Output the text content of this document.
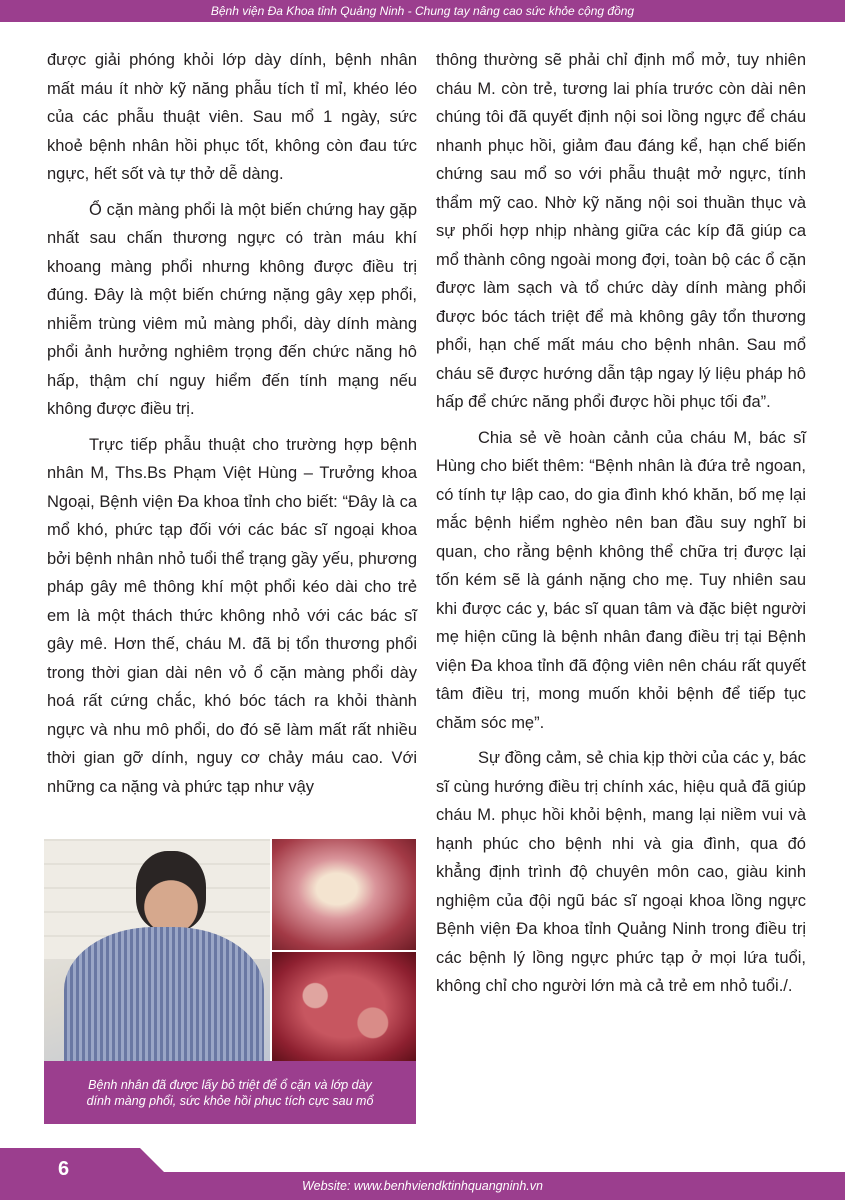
Bệnh viện Đa Khoa tỉnh Quảng Ninh - Chung tay nâng cao sức khỏe cộng đồng

được giải phóng khỏi lớp dày dính, bệnh nhân mất máu ít nhờ kỹ năng phẫu tích tỉ mỉ, khéo léo của các phẫu thuật viên. Sau mổ 1 ngày, sức khoẻ bệnh nhân hồi phục tốt, không còn đau tức ngực, hết sốt và tự thở dễ dàng.

Ổ cặn màng phổi là một biến chứng hay gặp nhất sau chấn thương ngực có tràn máu khí khoang màng phổi nhưng không được điều trị đúng. Đây là một biến chứng nặng gây xẹp phổi, nhiễm trùng viêm mủ màng phổi, dày dính màng phổi ảnh hưởng nghiêm trọng đến chức năng hô hấp, thậm chí nguy hiểm đến tính mạng nếu không được điều trị.

Trực tiếp phẫu thuật cho trường hợp bệnh nhân M, Ths.Bs Phạm Việt Hùng – Trưởng khoa Ngoại, Bệnh viện Đa khoa tỉnh cho biết: “Đây là ca mổ khó, phức tạp đối với các bác sĩ ngoại khoa bởi bệnh nhân nhỏ tuổi thể trạng gầy yếu, phương pháp gây mê thông khí một phổi kéo dài cho trẻ em là một thách thức không nhỏ với các bác sĩ gây mê. Hơn thế, cháu M. đã bị tổn thương phổi trong thời gian dài nên vỏ ổ cặn màng phổi dày hoá rất cứng chắc, khó bóc tách ra khỏi thành ngực và nhu mô phổi, do đó sẽ làm mất rất nhiều thời gian gỡ dính, nguy cơ chảy máu cao. Với những ca nặng và phức tạp như vậy

Bệnh nhân đã được lấy bỏ triệt để ổ cặn và lớp dày
dính màng phổi, sức khỏe hồi phục tích cực sau mổ

thông thường sẽ phải chỉ định mổ mở, tuy nhiên cháu M. còn trẻ, tương lai phía trước còn dài nên chúng tôi đã quyết định nội soi lồng ngực để cháu nhanh phục hồi, giảm đau đáng kể, hạn chế biến chứng sau mổ so với phẫu thuật mở ngực, tính thẩm mỹ cao. Nhờ kỹ năng nội soi thuần thục và sự phối hợp nhịp nhàng giữa các kíp đã giúp ca mổ thành công ngoài mong đợi, toàn bộ các ổ cặn được làm sạch và tổ chức dày dính màng phổi được bóc tách triệt để mà không gây tổn thương phổi, hạn chế mất máu cho bệnh nhân. Sau mổ cháu sẽ được hướng dẫn tập ngay lý liệu pháp hô hấp để chức năng phổi được hồi phục tối đa”.

Chia sẻ về hoàn cảnh của cháu M, bác sĩ Hùng cho biết thêm: “Bệnh nhân là đứa trẻ ngoan, có tính tự lập cao, do gia đình khó khăn, bố mẹ lại mắc bệnh hiểm nghèo nên ban đầu suy nghĩ bi quan, cho rằng bệnh không thể chữa trị được lại tốn kém sẽ là gánh nặng cho mẹ. Tuy nhiên sau khi được các y, bác sĩ quan tâm và đặc biệt người mẹ hiện cũng là bệnh nhân đang điều trị tại Bệnh viện Đa khoa tỉnh đã động viên nên cháu rất quyết tâm điều trị, mong muốn khỏi bệnh để tiếp tục chăm sóc mẹ”.

Sự đồng cảm, sẻ chia kịp thời của các y, bác sĩ cùng hướng điều trị chính xác, hiệu quả đã giúp cháu M. phục hồi khỏi bệnh, mang lại niềm vui và hạnh phúc cho bệnh nhi và gia đình, qua đó khẳng định trình độ chuyên môn cao, giàu kinh nghiệm của đội ngũ bác sĩ ngoại khoa lồng ngực Bệnh viện Đa khoa tỉnh Quảng Ninh trong điều trị các bệnh lý lồng ngực phức tạp ở mọi lứa tuổi, không chỉ cho người lớn mà cả trẻ em nhỏ tuổi./.

Website: www.benhviendktinhquangninh.vn
6
